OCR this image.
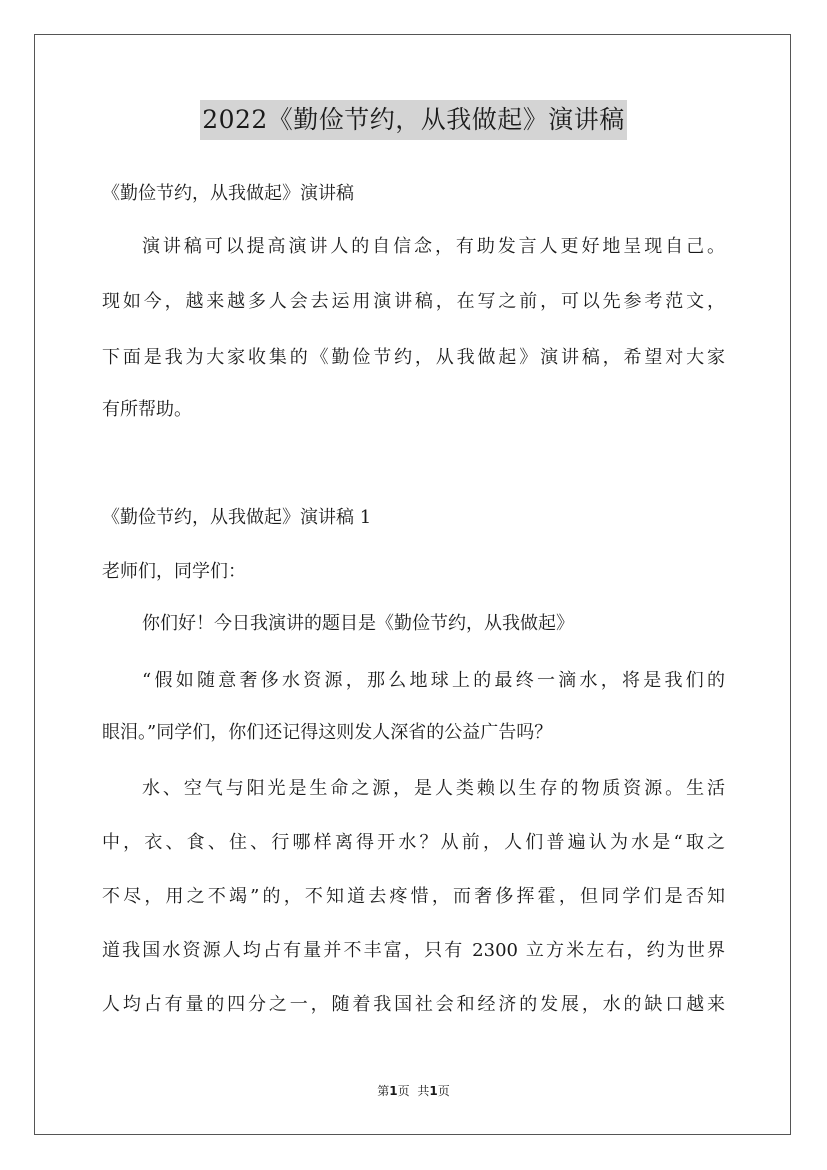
2022《勤俭节约，从我做起》演讲稿
《勤俭节约，从我做起》演讲稿
演讲稿可以提高演讲人的自信念，有助发言人更好地呈现自己。
现如今，越来越多人会去运用演讲稿，在写之前，可以先参考范文，
下面是我为大家收集的《勤俭节约，从我做起》演讲稿，希望对大家
有所帮助。
《勤俭节约，从我做起》演讲稿 1
老师们，同学们：
你们好！今日我演讲的题目是《勤俭节约，从我做起》
“假如随意奢侈水资源，那么地球上的最终一滴水，将是我们的
眼泪。”同学们，你们还记得这则发人深省的公益广告吗？
水、空气与阳光是生命之源，是人类赖以生存的物质资源。生活
中，衣、食、住、行哪样离得开水？从前，人们普遍认为水是“取之
不尽，用之不竭”的，不知道去疼惜，而奢侈挥霍，但同学们是否知
道我国水资源人均占有量并不丰富，只有 2300 立方米左右，约为世界
人均占有量的四分之一，随着我国社会和经济的发展，水的缺口越来
第1页 共1页
